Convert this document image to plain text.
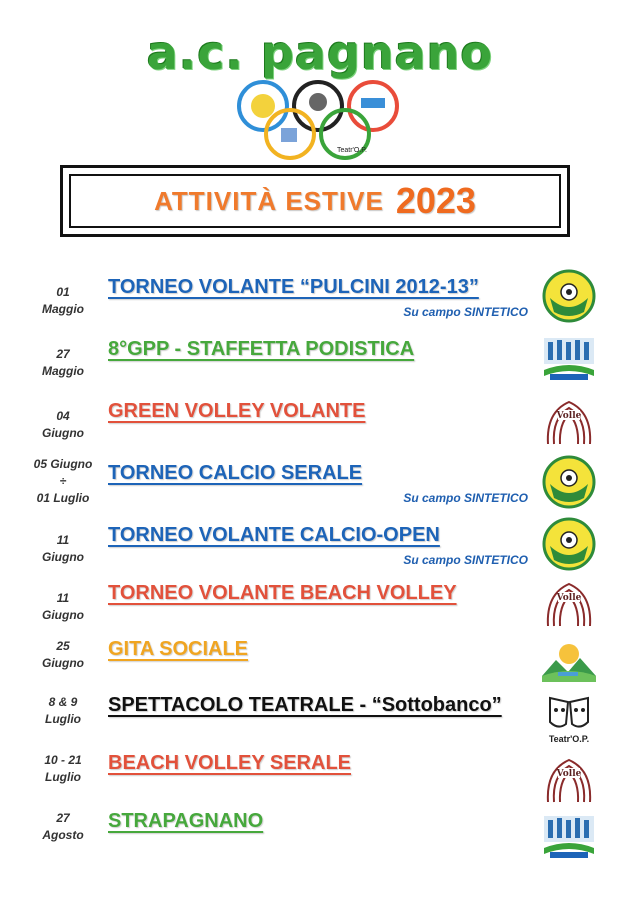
a.c. pagnano
Teatr'O.P.
ATTIVITÀ ESTIVE 2023
01
Maggio
TORNEO VOLANTE “PULCINI 2012-13”
Su campo SINTETICO
27
Maggio
8°GPP - STAFFETTA PODISTICA
04
Giugno
GREEN VOLLEY VOLANTE	Volle
05 Giugno
÷
01 Luglio
TORNEO CALCIO SERALE
Su campo SINTETICO
11
Giugno
TORNEO VOLANTE CALCIO-OPEN
Su campo SINTETICO
11
Giugno
TORNEO VOLANTE BEACH VOLLEY	Volle
25
Giugno
GITA SOCIALE
8 & 9
Luglio
SPETTACOLO TEATRALE - “Sottobanco”
Teatr'O.P.
10 - 21
Luglio
BEACH VOLLEY SERALE	Volle
27
Agosto
STRAPAGNANO
